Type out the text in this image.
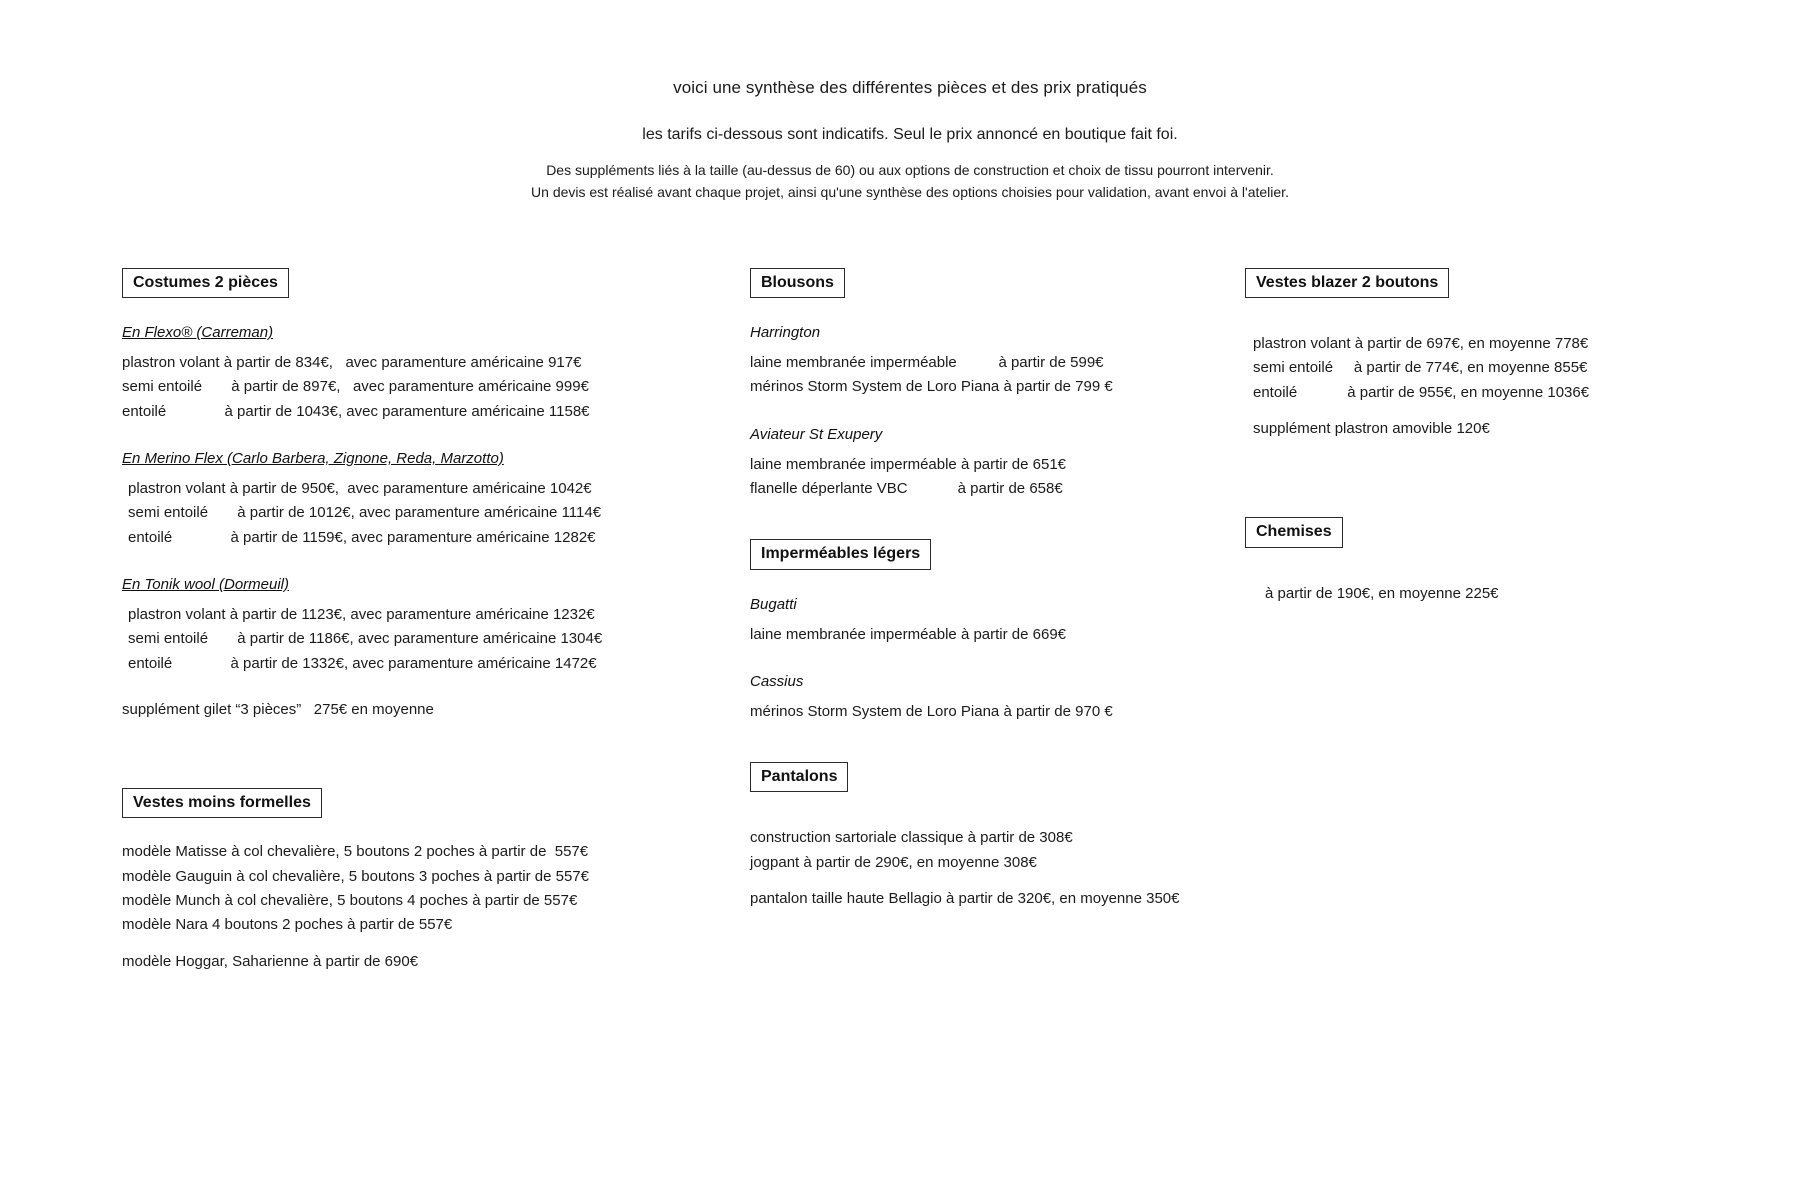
voici une synthèse des différentes pièces et des prix pratiqués
les tarifs ci-dessous sont indicatifs. Seul le prix annoncé en boutique fait foi.
Des suppléments liés à la taille (au-dessus de 60) ou aux options de construction et choix de tissu pourront intervenir.
Un devis est réalisé avant chaque projet, ainsi qu'une synthèse des options choisies pour validation, avant envoi à l'atelier.
Costumes 2 pièces
En Flexo® (Carreman)
plastron volant à partir de 834€,   avec paramenture américaine 917€
semi entoilé       à partir de 897€,   avec paramenture américaine 999€
entoilé              à partir de 1043€, avec paramenture américaine 1158€
En Merino Flex (Carlo Barbera, Zignone, Reda, Marzotto)
plastron volant à partir de 950€,  avec paramenture américaine 1042€
semi entoilé       à partir de 1012€, avec paramenture américaine 1114€
entoilé              à partir de 1159€, avec paramenture américaine 1282€
En Tonik wool (Dormeuil)
plastron volant à partir de 1123€, avec paramenture américaine 1232€
semi entoilé       à partir de 1186€, avec paramenture américaine 1304€
entoilé              à partir de 1332€, avec paramenture américaine 1472€
supplément gilet “3 pièces”   275€ en moyenne
Vestes moins formelles
modèle Matisse à col chevalière, 5 boutons 2 poches à partir de  557€
modèle Gauguin à col chevalière, 5 boutons 3 poches à partir de 557€
modèle Munch à col chevalière, 5 boutons 4 poches à partir de 557€
modèle Nara 4 boutons 2 poches à partir de 557€
modèle Hoggar, Saharienne à partir de 690€
Blousons
Harrington
laine membranée imperméable          à partir de 599€
mérinos Storm System de Loro Piana à partir de 799 €
Aviateur St Exupery
laine membranée imperméable à partir de 651€
flanelle déperlante VBC            à partir de 658€
Imperméables légers
Bugatti
laine membranée imperméable à partir de 669€
Cassius
mérinos Storm System de Loro Piana à partir de 970 €
Pantalons
construction sartoriale classique à partir de 308€
jogpant à partir de 290€, en moyenne 308€
pantalon taille haute Bellagio à partir de 320€, en moyenne 350€
Vestes blazer 2 boutons
plastron volant à partir de 697€, en moyenne 778€
semi entoilé     à partir de 774€, en moyenne 855€
entoilé            à partir de 955€, en moyenne 1036€
supplément plastron amovible 120€
Chemises
à partir de 190€, en moyenne 225€
